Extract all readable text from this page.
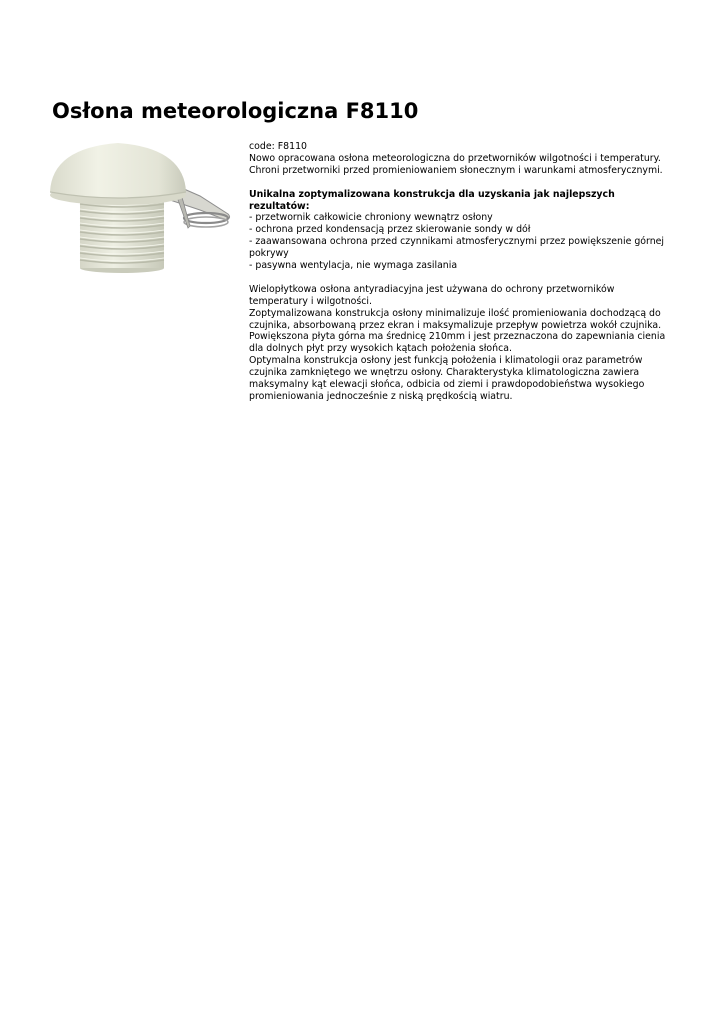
Osłona meteorologiczna F8110

code: F8110

Nowo opracowana osłona meteorologiczna do przetworników wilgotności i temperatury.

Chroni przetworniki przed promieniowaniem słonecznym i warunkami atmosferycznymi.

Unikalna zoptymalizowana konstrukcja dla uzyskania jak najlepszych rezultatów:

- przetwornik całkowicie chroniony wewnątrz osłony

- ochrona przed kondensacją przez skierowanie sondy w dół

- zaawansowana ochrona przed czynnikami atmosferycznymi przez powiększenie górnej pokrywy

- pasywna wentylacja, nie wymaga zasilania

Wielopłytkowa osłona antyradiacyjna jest używana do ochrony przetworników temperatury i wilgotności.

Zoptymalizowana konstrukcja osłony minimalizuje ilość promieniowania dochodzącą do czujnika, absorbowaną przez ekran i maksymalizuje przepływ powietrza wokół czujnika.

Powiększona płyta górna ma średnicę 210mm i jest przeznaczona do zapewniania cienia dla dolnych płyt przy wysokich kątach położenia słońca.

Optymalna konstrukcja osłony jest funkcją położenia i klimatologii oraz parametrów czujnika zamkniętego we wnętrzu osłony. Charakterystyka klimatologiczna zawiera maksymalny kąt elewacji słońca, odbicia od ziemi i prawdopodobieństwa wysokiego promieniowania jednocześnie z niską prędkością wiatru.
